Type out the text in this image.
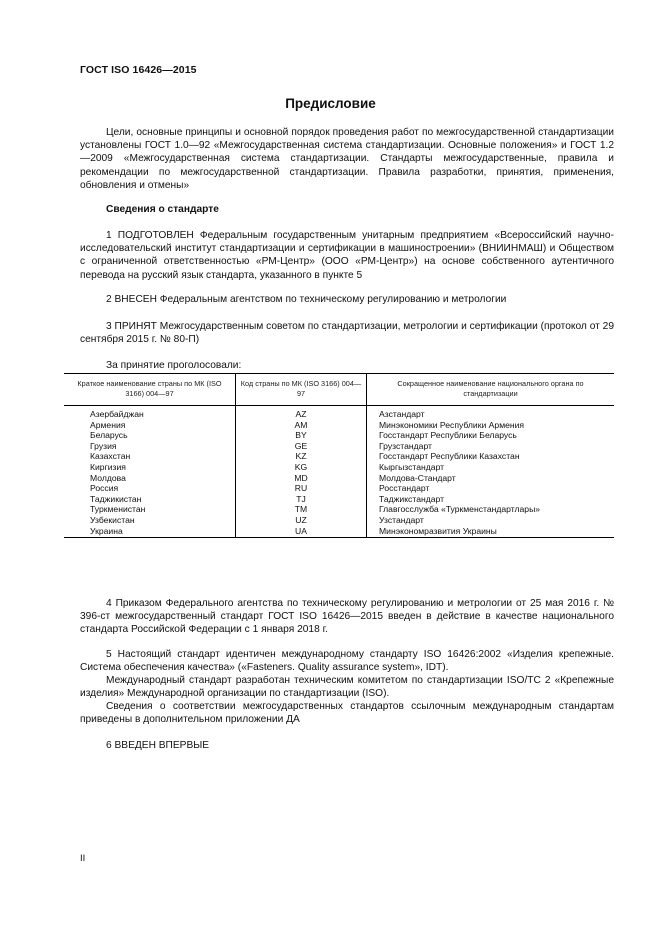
ГОСТ ISO 16426—2015
Предисловие
Цели, основные принципы и основной порядок проведения работ по межгосударственной стандартизации установлены ГОСТ 1.0—92 «Межгосударственная система стандартизации. Основные положения» и ГОСТ 1.2—2009 «Межгосударственная система стандартизации. Стандарты межгосударственные, правила и рекомендации по межгосударственной стандартизации. Правила разработки, принятия, применения, обновления и отмены»
Сведения о стандарте
1 ПОДГОТОВЛЕН Федеральным государственным унитарным предприятием «Всероссийский научно-исследовательский институт стандартизации и сертификации в машиностроении» (ВНИИНМАШ) и Обществом с ограниченной ответственностью «РМ-Центр» (ООО «РМ-Центр») на основе собственного аутентичного перевода на русский язык стандарта, указанного в пункте 5
2 ВНЕСЕН Федеральным агентством по техническому регулированию и метрологии
3 ПРИНЯТ Межгосударственным советом по стандартизации, метрологии и сертификации (протокол от 29 сентября 2015 г. № 80-П)
За принятие проголосовали:
Краткое наименование страны по МК (ISO 3166) 004—97	Код страны по МК (ISO 3166) 004—97	Сокращенное наименование национального органа по стандартизации
Азербайджан	AZ	Азстандарт
Армения	AM	Минэкономики Республики Армения
Беларусь	BY	Госстандарт Республики Беларусь
Грузия	GE	Грузстандарт
Казахстан	KZ	Госстандарт Республики Казахстан
Киргизия	KG	Кыргызстандарт
Молдова	MD	Молдова-Стандарт
Россия	RU	Росстандарт
Таджикистан	TJ	Таджикстандарт
Туркменистан	TM	Главгосслужба «Туркменстандартлары»
Узбекистан	UZ	Узстандарт
Украина	UA	Минэкономразвития Украины
4 Приказом Федерального агентства по техническому регулированию и метрологии от 25 мая 2016 г. № 396-ст межгосударственный стандарт ГОСТ ISO 16426—2015 введен в действие в качестве национального стандарта Российской Федерации с 1 января 2018 г.
5 Настоящий стандарт идентичен международному стандарту ISO 16426:2002 «Изделия крепежные. Система обеспечения качества» («Fasteners. Quality assurance system», IDT).
Международный стандарт разработан техническим комитетом по стандартизации ISO/TC 2 «Крепежные изделия» Международной организации по стандартизации (ISO).
Сведения о соответствии межгосударственных стандартов ссылочным международным стандартам приведены в дополнительном приложении ДА
6 ВВЕДЕН ВПЕРВЫЕ
II
